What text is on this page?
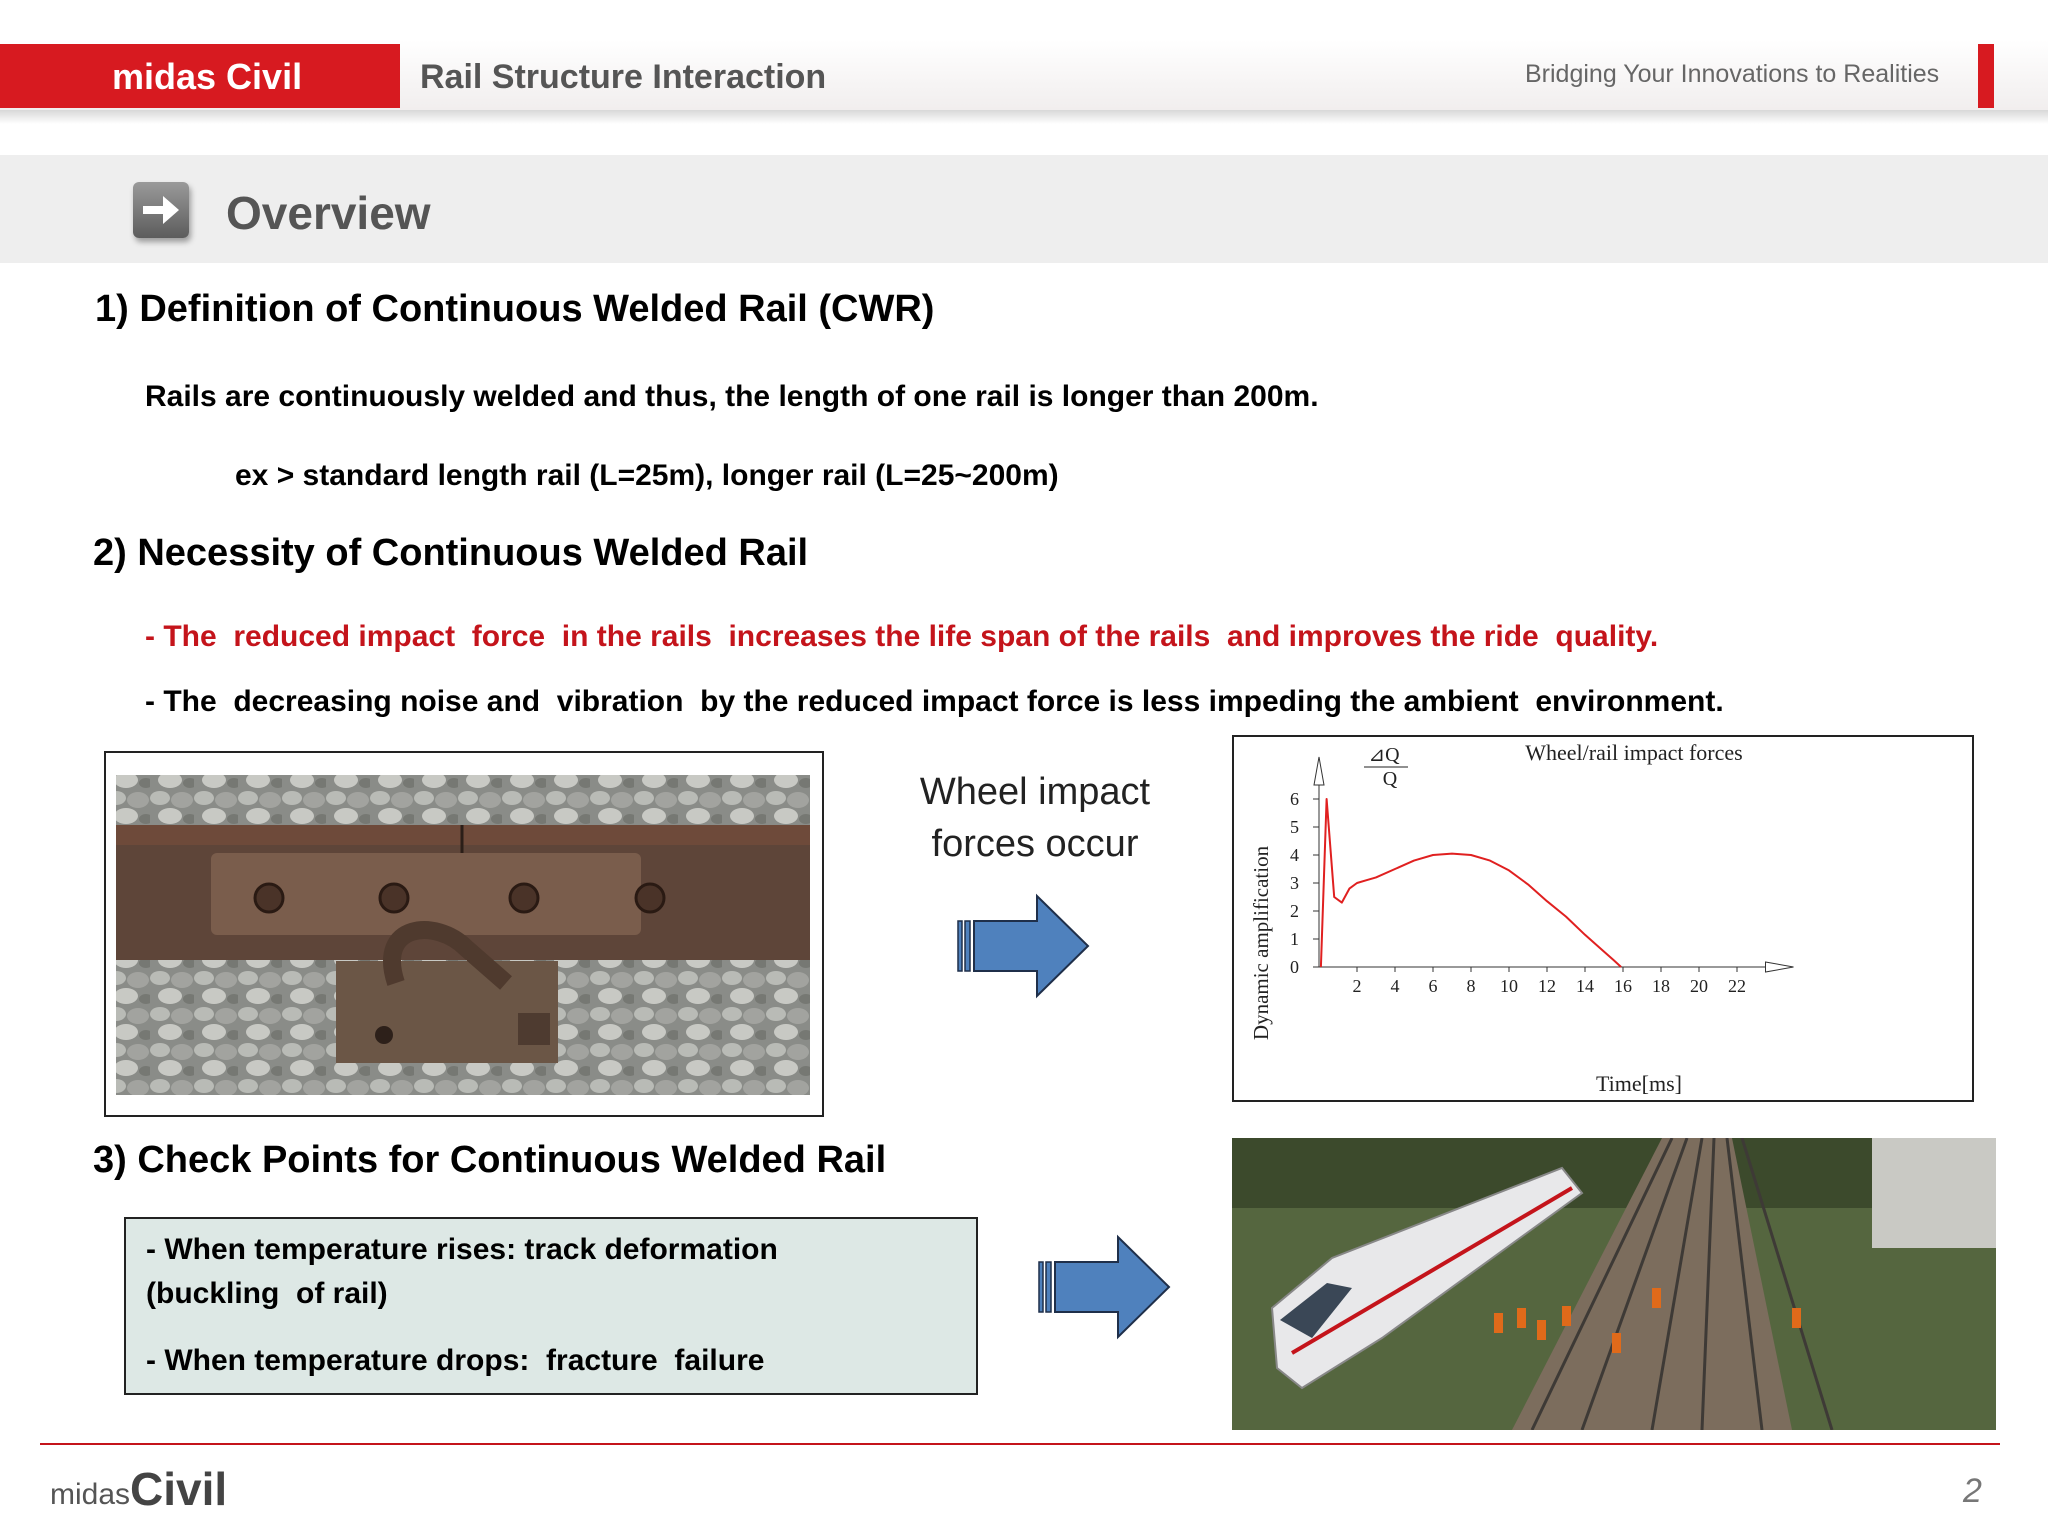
midas Civil	Rail Structure Interaction	Bridging Your Innovations to Realities
Overview
1) Definition of Continuous Welded Rail (CWR)
Rails are continuously welded and thus, the length of one rail is longer than 200m.
ex > standard length rail (L=25m), longer rail (L=25~200m)
2) Necessity of Continuous Welded Rail
- The  reduced impact  force  in the rails  increases the life span of the rails  and improves the ride  quality.
- The  decreasing noise and  vibration  by the reduced impact force is less impeding the ambient  environment.
Wheel impact
forces occur
⊿Q
Q
Wheel/rail impact forces
Time[ms]
Dynamic amplification	2 4 6 8 10 12 14 16 18 20 22
0
1
2
3
4
5
6
3) Check Points for Continuous Welded Rail
- When temperature rises: track deformation
(buckling  of rail)
- When temperature drops:  fracture  failure
midas Civil	2
